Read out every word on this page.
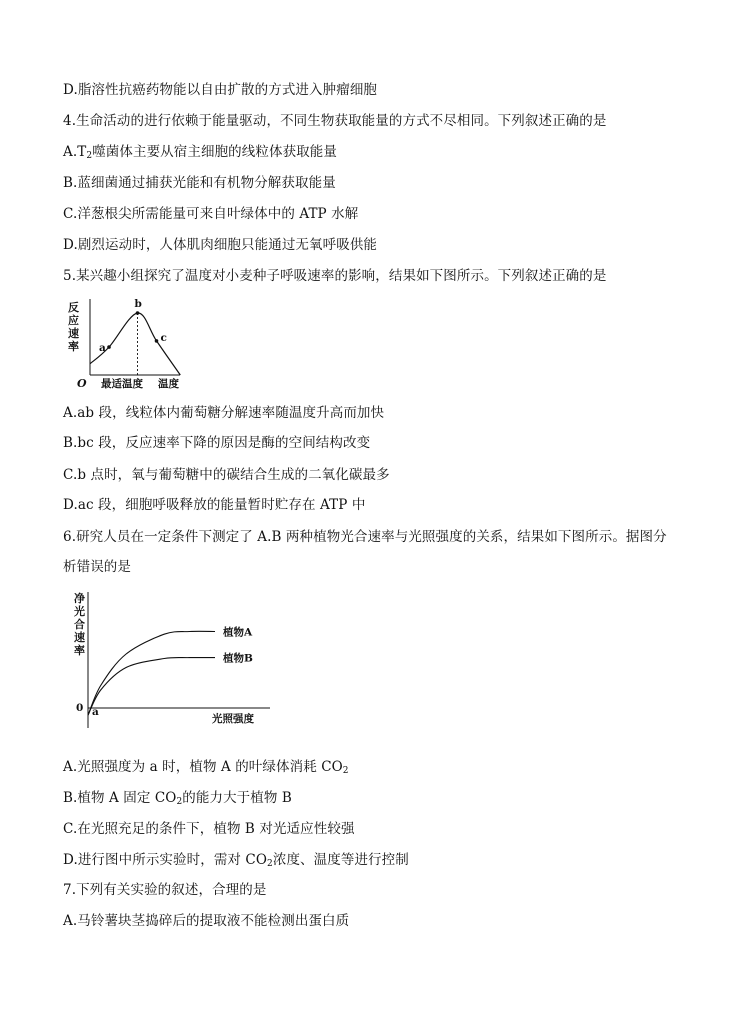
D.脂溶性抗癌药物能以自由扩散的方式进入肿瘤细胞
4.生命活动的进行依赖于能量驱动，不同生物获取能量的方式不尽相同。下列叙述正确的是
$A.T_2$噬菌体主要从宿主细胞的线粒体获取能量
B.蓝细菌通过捕获光能和有机物分解获取能量
C.洋葱根尖所需能量可来自叶绿体中的 ATP 水解
D.剧烈运动时，人体肌肉细胞只能通过无氧呼吸供能
5.某兴趣小组探究了温度对小麦种子呼吸速率的影响，结果如下图所示。下列叙述正确的是
反
应
速
率
O 最适温度 温度
a
b
c
A.ab 段，线粒体内葡萄糖分解速率随温度升高而加快
B.bc 段，反应速率下降的原因是酶的空间结构改变
C.b 点时，氧与葡萄糖中的碳结合生成的二氧化碳最多
D.ac 段，细胞呼吸释放的能量暂时贮存在 ATP 中
6.研究人员在一定条件下测定了 A.B 两种植物光合速率与光照强度的关系，结果如下图所示。据图分
析错误的是
净
光
合
速
率
0 a
光照强度
植物A
植物B
A.光照强度为 a 时，植物 A 的叶绿体消耗 $CO_2$
B.植物 A 固定 $CO_2$的能力大于植物 B
C.在光照充足的条件下，植物 B 对光适应性较强
D.进行图中所示实验时，需对 $CO_2$浓度、温度等进行控制
7.下列有关实验的叙述，合理的是
A.马铃薯块茎捣碎后的提取液不能检测出蛋白质
